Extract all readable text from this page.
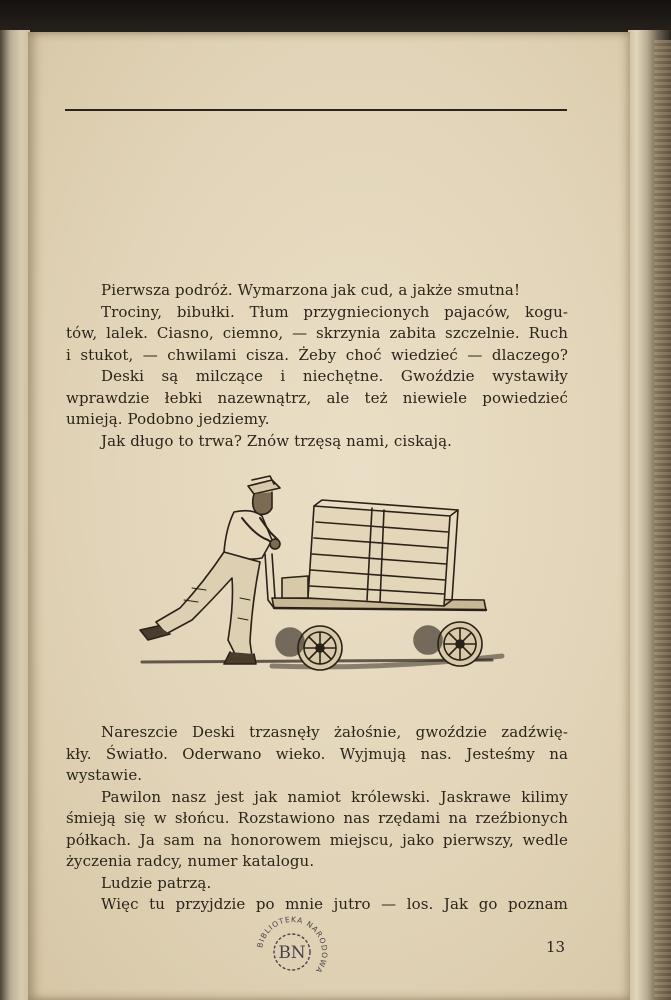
Pierwsza podróż. Wymarzona jak cud, a jakże smutna!
Trociny, bibułki. Tłum przygniecionych pajaców, kogu-
tów, lalek. Ciasno, ciemno, — skrzynia zabita szczelnie. Ruch
i stukot, — chwilami cisza. Żeby choć wiedzieć — dlaczego?
Deski są milczące i niechętne. Gwoździe wystawiły
wprawdzie łebki nazewnątrz, ale też niewiele powiedzieć
umieją. Podobno jedziemy.
Jak długo to trwa? Znów trzęsą nami, ciskają.
Nareszcie Deski trzasnęły żałośnie, gwoździe zadźwię-
kły. Światło. Oderwano wieko. Wyjmują nas. Jesteśmy na
wystawie.
Pawilon nasz jest jak namiot królewski. Jaskrawe kilimy
śmieją się w słońcu. Rozstawiono nas rzędami na rzeźbionych
półkach. Ja sam na honorowem miejscu, jako pierwszy, wedle
życzenia radcy, numer katalogu.
Ludzie patrzą.
Więc tu przyjdzie po mnie jutro — los. Jak go poznam
BN
BIBLIOTEKA NARODOWA
13
